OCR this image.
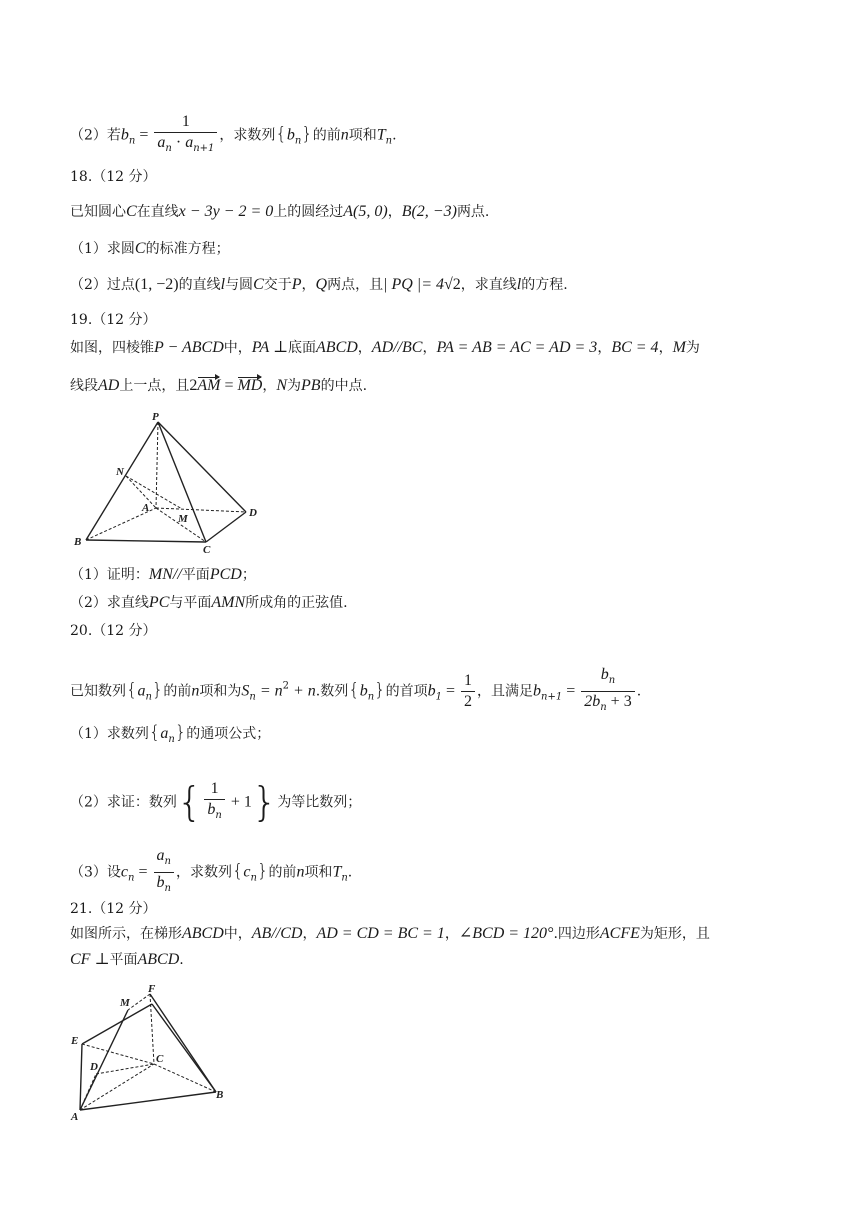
（2）若$b_n = \frac{1}{a_n \cdot a_{n+1}}$ ，求数列$\{b_n\}$的前n项和$T_n$.
18.（12 分）
已知圆心C在直线x − 3y − 2 = 0上的圆经过A(5, 0)，B(2, −3)两点.
（1）求圆C的标准方程；
（2）过点(1, −2)的直线l与圆C交于P，Q两点，且| PQ |= 4√2，求直线l的方程.
19.（12 分）
如图，四棱锥P − ABCD中，PA ⊥底面ABCD，AD//BC，PA = AB = AC = AD = 3，BC = 4，M为
线段AD上一点，且2AM = MD，N为PB的中点.
P
N
A
M	D
B
C
（1）证明：MN//平面PCD；
（2）求直线PC与平面AMN所成角的正弦值.
20.（12 分）
已知数列$\{a_n\}$的前n项和为$S_n = n^2 + n$.数列$\{b_n\}$的首项$b_1 = \frac{1}{2}$ ，且满足$b_{n+1} = \frac{b_n}{2b_n + 3}$ .
（1）求数列$\{a_n\}$的通项公式；
（2）求证：数列{ $\frac{1}{b_n} + 1$}为等比数列；
（3）设$c_n = \frac{a_n}{b_n}$ ，求数列$\{c_n\}$的前n项和$T_n$.
21.（12 分）
如图所示，在梯形ABCD中，AB//CD，AD = CD = BC = 1，∠BCD = 120°.四边形ACFE为矩形，且
CF ⊥平面ABCD.
M
F
E
D
C
A
B
